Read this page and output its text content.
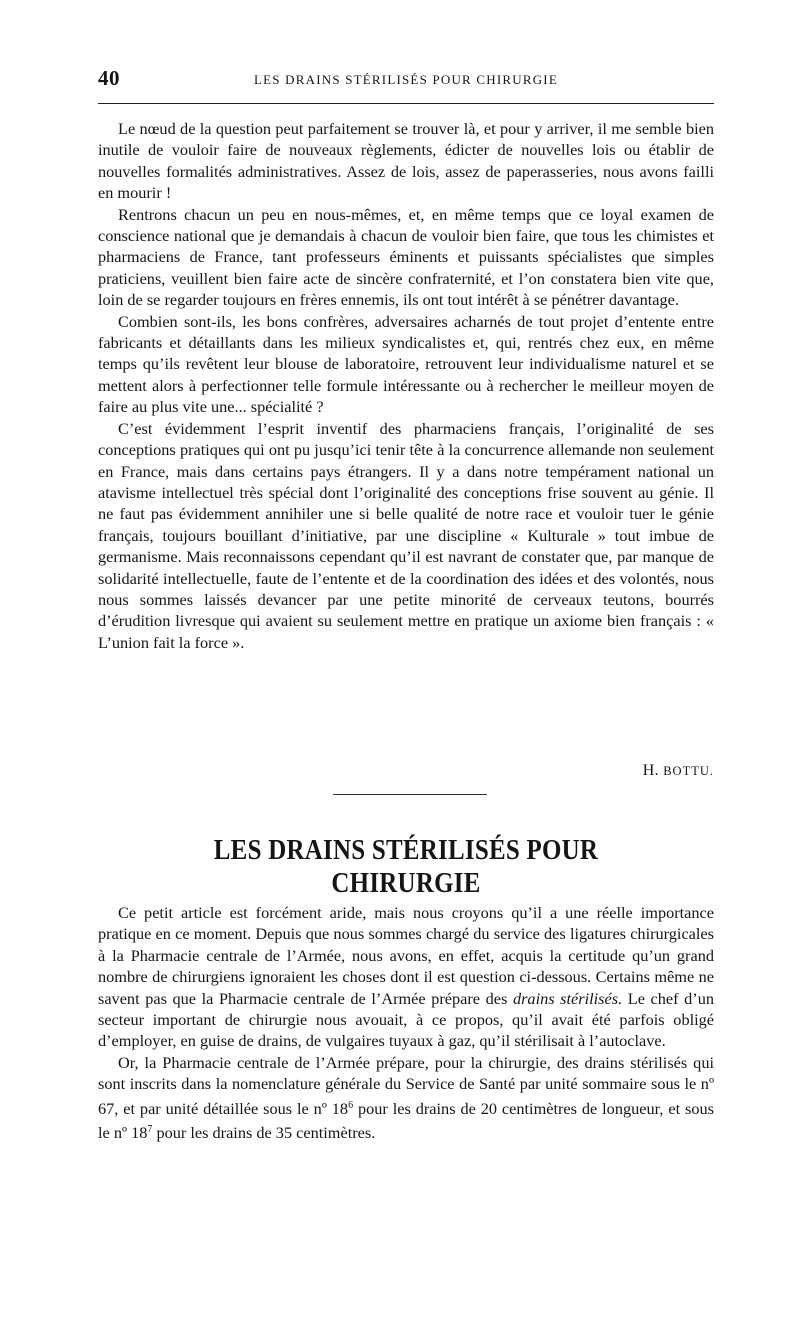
40	LES DRAINS STÉRILISÉS POUR CHIRURGIE

Le nœud de la question peut parfaitement se trouver là, et pour y arriver, il me semble bien inutile de vouloir faire de nouveaux règlements, édicter de nouvelles lois ou établir de nouvelles formalités administratives. Assez de lois, assez de paperasseries, nous avons failli en mourir !

Rentrons chacun un peu en nous-mêmes, et, en même temps que ce loyal examen de conscience national que je demandais à chacun de vouloir bien faire, que tous les chimistes et pharmaciens de France, tant professeurs éminents et puissants spécialistes que simples praticiens, veuillent bien faire acte de sincère confraternité, et l’on constatera bien vite que, loin de se regarder toujours en frères ennemis, ils ont tout intérêt à se pénétrer davantage.

Combien sont-ils, les bons confrères, adversaires acharnés de tout projet d’entente entre fabricants et détaillants dans les milieux syndicalistes et, qui, rentrés chez eux, en même temps qu’ils revêtent leur blouse de laboratoire, retrouvent leur individualisme naturel et se mettent alors à perfectionner telle formule intéressante ou à rechercher le meilleur moyen de faire au plus vite une... spécialité ?

C’est évidemment l’esprit inventif des pharmaciens français, l’originalité de ses conceptions pratiques qui ont pu jusqu’ici tenir tête à la concurrence allemande non seulement en France, mais dans certains pays étrangers. Il y a dans notre tempérament national un atavisme intellectuel très spécial dont l’originalité des conceptions frise souvent au génie. Il ne faut pas évidemment annihiler une si belle qualité de notre race et vouloir tuer le génie français, toujours bouillant d’initiative, par une discipline « Kulturale » tout imbue de germanisme. Mais reconnaissons cependant qu’il est navrant de constater que, par manque de solidarité intellectuelle, faute de l’entente et de la coordination des idées et des volontés, nous nous sommes laissés devancer par une petite minorité de cerveaux teutons, bourrés d’érudition livresque qui avaient su seulement mettre en pratique un axiome bien français : « L’union fait la force ».

H. BOTTU.
LES DRAINS STÉRILISÉS POUR CHIRURGIE

Ce petit article est forcément aride, mais nous croyons qu’il a une réelle importance pratique en ce moment. Depuis que nous sommes chargé du service des ligatures chirurgicales à la Pharmacie centrale de l’Armée, nous avons, en effet, acquis la certitude qu’un grand nombre de chirurgiens ignoraient les choses dont il est question ci-dessous. Certains même ne savent pas que la Pharmacie centrale de l’Armée prépare des drains stérilisés. Le chef d’un secteur important de chirurgie nous avouait, à ce propos, qu’il avait été parfois obligé d’employer, en guise de drains, de vulgaires tuyaux à gaz, qu’il stérilisait à l’autoclave.

Or, la Pharmacie centrale de l’Armée prépare, pour la chirurgie, des drains stérilisés qui sont inscrits dans la nomenclature générale du Service de Santé par unité sommaire sous le nº 67, et par unité détaillée sous le nº $18^6$ pour les drains de 20 centimètres de longueur, et sous le nº $18^7$ pour les drains de 35 centimètres.
